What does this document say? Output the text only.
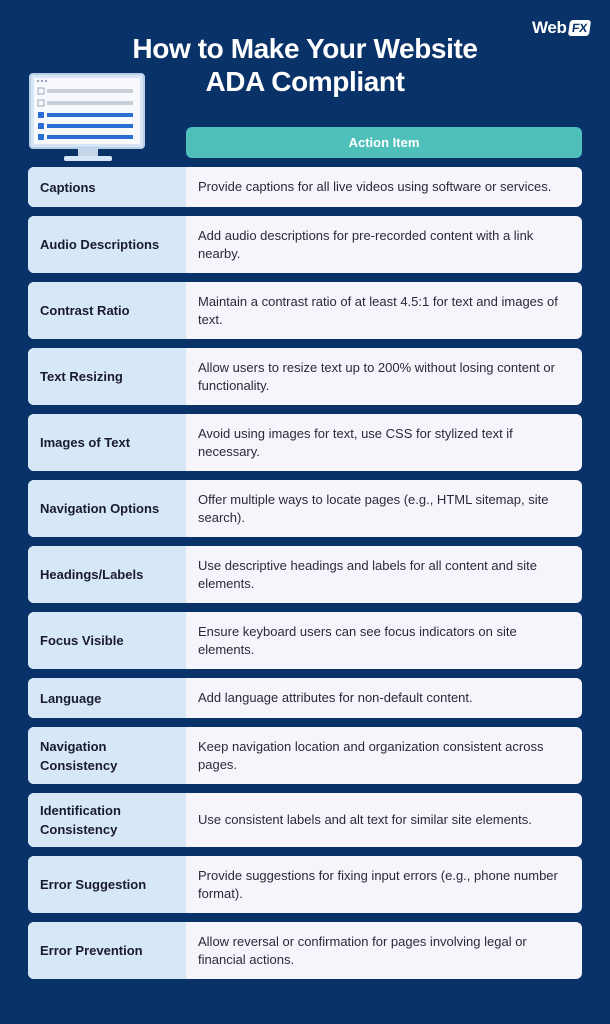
Web FX
How to Make Your Website
ADA Compliant
Action Item
Captions	Provide captions for all live videos using software or services.
Audio Descriptions
Add audio descriptions for pre-recorded content with a link nearby.
Contrast Ratio
Maintain a contrast ratio of at least 4.5:1 for text and images of text.
Text Resizing
Allow users to resize text up to 200% without losing content or functionality.
Images of Text
Avoid using images for text, use CSS for stylized text if necessary.
Navigation Options
Offer multiple ways to locate pages (e.g., HTML sitemap, site search).
Headings/Labels
Use descriptive headings and labels for all content and site elements.
Focus Visible
Ensure keyboard users can see focus indicators on site elements.
Language	Add language attributes for non-default content.
Navigation Consistency
Keep navigation location and organization consistent across pages.
Identification Consistency
Use consistent labels and alt text for similar site elements.
Error Suggestion
Provide suggestions for fixing input errors (e.g., phone number format).
Error Prevention
Allow reversal or confirmation for pages involving legal or financial actions.
